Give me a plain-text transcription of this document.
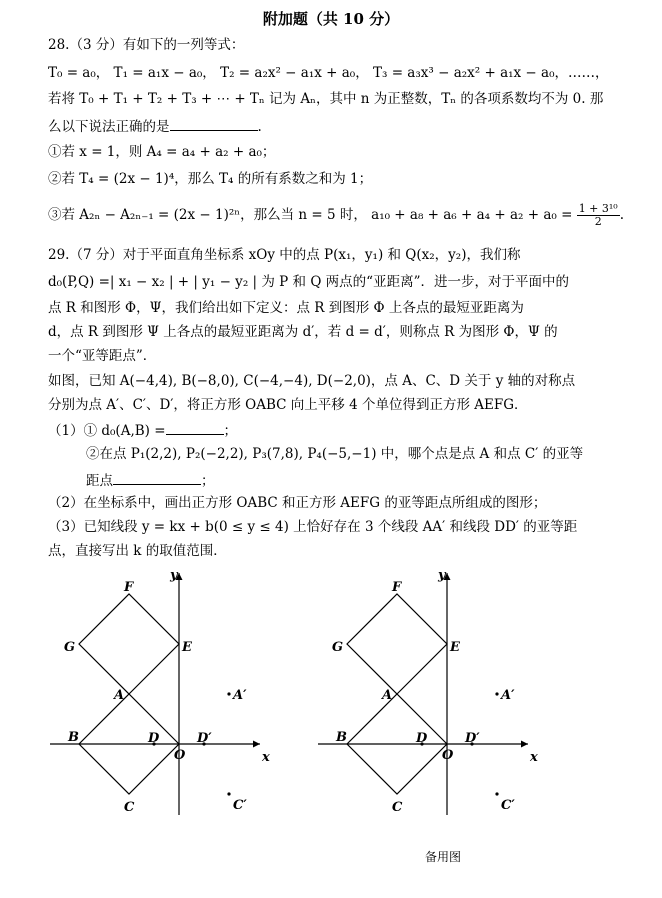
附加题（共 10 分）
28.（3 分）有如下的一列等式：
T₀ = a₀， T₁ = a₁x − a₀， T₂ = a₂x² − a₁x + a₀， T₃ = a₃x³ − a₂x² + a₁x − a₀，……，
若将 T₀ + T₁ + T₂ + T₃ + ⋯ + Tₙ 记为 Aₙ，其中 n 为正整数，Tₙ 的各项系数均不为 0. 那
么以下说法正确的是	.
①若 x = 1，则 A₄ = a₄ + a₂ + a₀；
②若 T₄ = (2x − 1)⁴，那么 T₄ 的所有系数之和为 1；
③若 A₂ₙ − A₂ₙ₋₁ = (2x − 1)²ⁿ，那么当 n = 5 时， $a_{10} + a_8 + a_6 + a_4 + a_2 + a_0 = \frac{\text{1 + 3¹⁰}}{2}$ .
29.（7 分）对于平面直角坐标系 xOy 中的点 P(x₁，y₁) 和 Q(x₂，y₂)，我们称
d₀(P,Q) =| x₁ − x₂ | + | y₁ − y₂ | 为 P 和 Q 两点的“亚距离”．进一步，对于平面中的
点 R 和图形 Φ，Ψ，我们给出如下定义：点 R 到图形 Φ 上各点的最短亚距离为
d，点 R 到图形 Ψ 上各点的最短亚距离为 d′，若 d = d′，则称点 R 为图形 Φ，Ψ 的
一个“亚等距点”．
如图，已知 A(−4,4), B(−8,0), C(−4,−4), D(−2,0)，点 A、C、D 关于 y 轴的对称点
分别为点 A′、C′、D′，将正方形 OABC 向上平移 4 个单位得到正方形 AEFG．
（1）① d₀(A,B) =	；
②在点 P₁(2,2), P₂(−2,2), P₃(7,8), P₄(−5,−1) 中，哪个点是点 A 和点 C′ 的亚等
距点	；
（2）在坐标系中，画出正方形 OABC 和正方形 AEFG 的亚等距点所组成的图形；
（3）已知线段 y = kx + b(0 ≤ y ≤ 4) 上恰好存在 3 个线段 AA′ 和线段 DD′ 的亚等距
点，直接写出 k 的取值范围．
F
G	E
A	A′
B	D	D′
O	x
y
C	C′
F
G	E
A	A′
B	D	D′
O	x
y
C	C′
备用图
